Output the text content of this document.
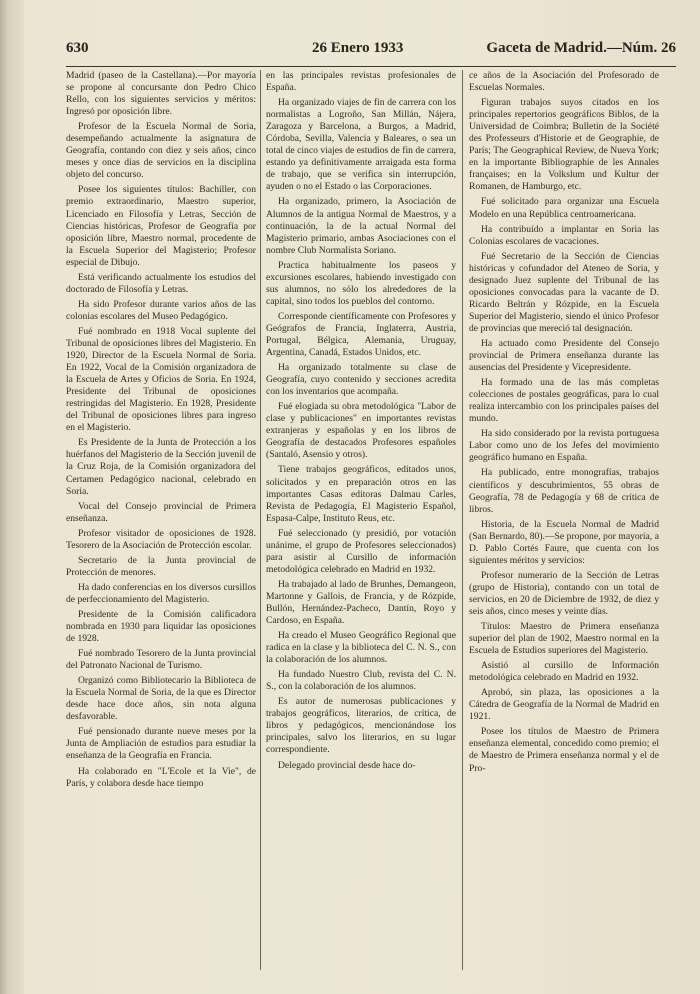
630	26 Enero 1933	Gaceta de Madrid.—Núm. 26

Madrid (paseo de la Castellana).—Por mayoría se propone al concursante don Pedro Chico Rello, con los siguientes servicios y méritos: Ingresó por oposición libre.

Profesor de la Escuela Normal de Soria, desempeñando actualmente la asignatura de Geografía, contando con diez y seis años, cinco meses y once días de servicios en la disciplina objeto del concurso.

Posee los siguientes títulos: Bachiller, con premio extraordinario, Maestro superior, Licenciado en Filosofía y Letras, Sección de Ciencias históricas, Profesor de Geografía por oposición libre, Maestro normal, procedente de la Escuela Superior del Magisterio; Profesor especial de Dibujo.

Está verificando actualmente los estudios del doctorado de Filosofía y Letras.

Ha sido Profesor durante varios años de las colonias escolares del Museo Pedagógico.

Fué nombrado en 1918 Vocal suplente del Tribunal de oposiciones libres del Magisterio. En 1920, Director de la Escuela Normal de Soria. En 1922, Vocal de la Comisión organizadora de la Escuela de Artes y Oficios de Soria. En 1924, Presidente del Tribunal de oposiciones restringidas del Magisterio. En 1928, Presidente del Tribunal de oposiciones libres para ingreso en el Magisterio.

Es Presidente de la Junta de Protección a los huérfanos del Magisterio de la Sección juvenil de la Cruz Roja, de la Comisión organizadora del Certamen Pedagógico nacional, celebrado en Soria.

Vocal del Consejo provincial de Primera enseñanza.

Profesor visitador de oposiciones de 1928. Tesorero de la Asociación de Protección escolar.

Secretario de la Junta provincial de Protección de menores.

Ha dado conferencias en los diversos cursillos de perfeccionamiento del Magisterio.

Presidente de la Comisión calificadora nombrada en 1930 para liquidar las oposiciones de 1928.

Fué nombrado Tesorero de la Junta provincial del Patronato Nacional de Turismo.

Organizó como Bibliotecario la Biblioteca de la Escuela Normal de Soria, de la que es Director desde hace doce años, sin nota alguna desfavorable.

Fué pensionado durante nueve meses por la Junta de Ampliación de estudios para estudiar la enseñanza de la Geografía en Francia.

Ha colaborado en "L'Ecole et la Vie", de París, y colabora desde hace tiempo

en las principales revistas profesionales de España.

Ha organizado viajes de fin de carrera con los normalistas a Logroño, San Millán, Nájera, Zaragoza y Barcelona, a Burgos, a Madrid, Córdoba, Sevilla, Valencia y Baleares, o sea un total de cinco viajes de estudios de fin de carrera, estando ya definitivamente arraigada esta forma de trabajo, que se verifica sin interrupción, ayuden o no el Estado o las Corporaciones.

Ha organizado, primero, la Asociación de Alumnos de la antigua Normal de Maestros, y a continuación, la de la actual Normal del Magisterio primario, ambas Asociaciones con el nombre Club Normalista Soriano.

Practica habitualmente los paseos y excursiones escolares, habiendo investigado con sus alumnos, no sólo los alrededores de la capital, sino todos los pueblos del contorno.

Corresponde científicamente con Profesores y Geógrafos de Francia, Inglaterra, Austria, Portugal, Bélgica, Alemania, Uruguay, Argentina, Canadá, Estados Unidos, etc.

Ha organizado totalmente su clase de Geografía, cuyo contenido y secciones acredita con los inventarios que acompaña.

Fué elogiada su obra metodológica "Labor de clase y publicaciones" en importantes revistas extranjeras y españolas y en los libros de Geografía de destacados Profesores españoles (Santaló, Asensio y otros).

Tiene trabajos geográficos, editados unos, solicitados y en preparación otros en las importantes Casas editoras Dalmau Carles, Revista de Pedagogía, El Magisterio Español, Espasa-Calpe, Instituto Reus, etc.

Fué seleccionado (y presidió, por votación unánime, el grupo de Profesores seleccionados) para asistir al Cursillo de información metodológica celebrado en Madrid en 1932.

Ha trabajado al lado de Brunhes, Demangeon, Martonne y Gallois, de Francia, y de Rózpide, Bullón, Hernández-Pacheco, Dantín, Royo y Cardoso, en España.

Ha creado el Museo Geográfico Regional que radica en la clase y la biblioteca del C. N. S., con la colaboración de los alumnos.

Ha fundado Nuestro Club, revista del C. N. S., con la colaboración de los alumnos.

Es autor de numerosas publicaciones y trabajos geográficos, literarios, de crítica, de libros y pedagógicos, mencionándose los principales, salvo los literarios, en su lugar correspondiente.

Delegado provincial desde hace do-

ce años de la Asociación del Profesorado de Escuelas Normales.

Figuran trabajos suyos citados en los principales repertorios geográficos Biblos, de la Universidad de Coimbra; Bulletin de la Société des Professeurs d'Historie et de Geographie, de París; The Geographical Review, de Nueva York; en la importante Bibliographie de les Annales françaises; en la Volkslum und Kultur der Romanen, de Hamburgo, etc.

Fué solicitado para organizar una Escuela Modelo en una República centroamericana.

Ha contribuído a implantar en Soria las Colonias escolares de vacaciones.

Fué Secretario de la Sección de Ciencias históricas y cofundador del Ateneo de Soria, y designado Juez suplente del Tribunal de las oposiciones convocadas para la vacante de D. Ricardo Beltrán y Rózpide, en la Escuela Superior del Magisterio, siendo el único Profesor de provincias que mereció tal designación.

Ha actuado como Presidente del Consejo provincial de Primera enseñanza durante las ausencias del Presidente y Vicepresidente.

Ha formado una de las más completas colecciones de postales geográficas, para lo cual realiza intercambio con los principales países del mundo.

Ha sido considerado por la revista portuguesa Labor como uno de los Jefes del movimiento geográfico humano en España.

Ha publicado, entre monografías, trabajos científicos y descubrimientos, 55 obras de Geografía, 78 de Pedagogía y 68 de crítica de libros.

Historia, de la Escuela Normal de Madrid (San Bernardo, 80).—Se propone, por mayoría, a D. Pablo Cortés Faure, que cuenta con los siguientes méritos y servicios:

Profesor numerario de la Sección de Letras (grupo de Historia), contando con un total de servicios, en 20 de Diciembre de 1932, de diez y seis años, cinco meses y veinte días.

Títulos: Maestro de Primera enseñanza superior del plan de 1902, Maestro normal en la Escuela de Estudios superiores del Magisterio.

Asistió al cursillo de Información metodológica celebrado en Madrid en 1932.

Aprobó, sin plaza, las oposiciones a la Cátedra de Geografía de la Normal de Madrid en 1921.

Posee los títulos de Maestro de Primera enseñanza elemental, concedido como premio; el de Maestro de Primera enseñanza normal y el de Pro-
